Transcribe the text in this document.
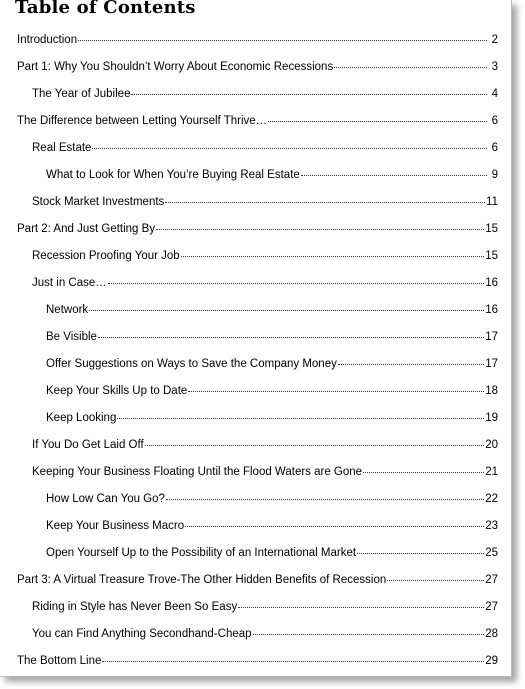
Table of Contents
Introduction	2
Part 1: Why You Shouldn’t Worry About Economic Recessions	3
The Year of Jubilee	4
The Difference between Letting Yourself Thrive…	6
Real Estate	6
What to Look for When You’re Buying Real Estate	9
Stock Market Investments	11
Part 2: And Just Getting By	15
Recession Proofing Your Job	15
Just in Case…	16
Network	16
Be Visible	17
Offer Suggestions on Ways to Save the Company Money	17
Keep Your Skills Up to Date	18
Keep Looking	19
If You Do Get Laid Off	20
Keeping Your Business Floating Until the Flood Waters are Gone	21
How Low Can You Go?	22
Keep Your Business Macro	23
Open Yourself Up to the Possibility of an International Market	25
Part 3: A Virtual Treasure Trove-The Other Hidden Benefits of Recession	27
Riding in Style has Never Been So Easy	27
You can Find Anything Secondhand-Cheap	28
The Bottom Line	29
